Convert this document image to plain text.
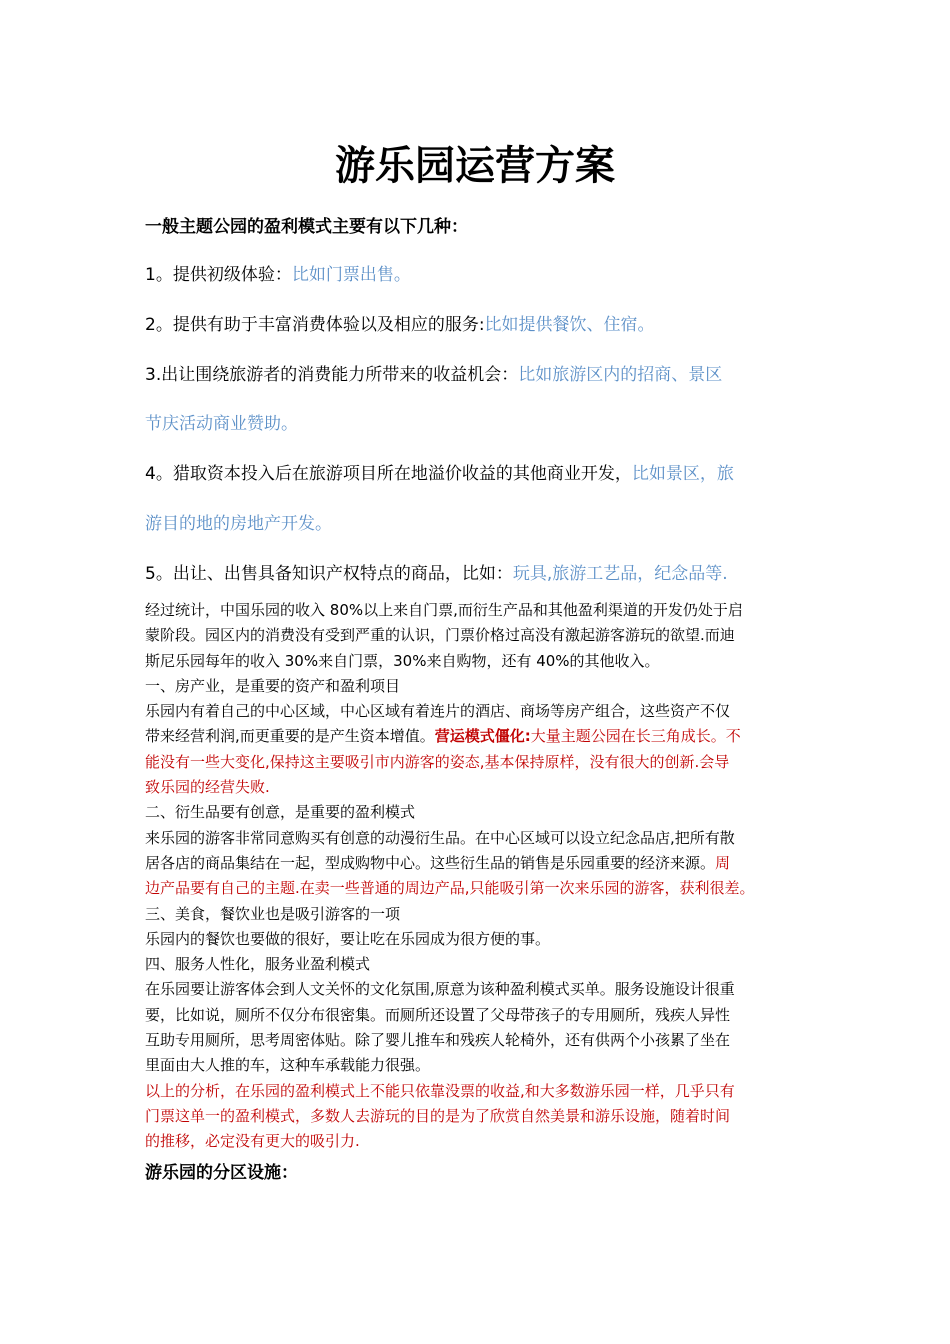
游乐园运营方案
一般主题公园的盈利模式主要有以下几种：
1。提供初级体验：比如门票出售。
2。提供有助于丰富消费体验以及相应的服务:比如提供餐饮、住宿。
3.出让围绕旅游者的消费能力所带来的收益机会：比如旅游区内的招商、景区
节庆活动商业赞助。
4。猎取资本投入后在旅游项目所在地溢价收益的其他商业开发，比如景区，旅
游目的地的房地产开发。
5。出让、出售具备知识产权特点的商品，比如：玩具,旅游工艺品，纪念品等.

经过统计，中国乐园的收入 80%以上来自门票,而衍生产品和其他盈利渠道的开发仍处于启

蒙阶段。园区内的消费没有受到严重的认识，门票价格过高没有激起游客游玩的欲望.而迪

斯尼乐园每年的收入 30%来自门票，30%来自购物，还有 40%的其他收入。

一、房产业，是重要的资产和盈利项目

乐园内有着自己的中心区域，中心区域有着连片的酒店、商场等房产组合，这些资产不仅

带来经营利润,而更重要的是产生资本增值。营运模式僵化:大量主题公园在长三角成长。不

能没有一些大变化,保持这主要吸引市内游客的姿态,基本保持原样，没有很大的创新.会导

致乐园的经营失败.

二、衍生品要有创意，是重要的盈利模式

来乐园的游客非常同意购买有创意的动漫衍生品。在中心区域可以设立纪念品店,把所有散

居各店的商品集结在一起，型成购物中心。这些衍生品的销售是乐园重要的经济来源。周

边产品要有自己的主题.在卖一些普通的周边产品,只能吸引第一次来乐园的游客，获利很差。

三、美食，餐饮业也是吸引游客的一项

乐园内的餐饮也要做的很好，要让吃在乐园成为很方便的事。

四、服务人性化，服务业盈利模式

在乐园要让游客体会到人文关怀的文化氛围,原意为该种盈利模式买单。服务设施设计很重

要，比如说，厕所不仅分布很密集。而厕所还设置了父母带孩子的专用厕所，残疾人异性

互助专用厕所，思考周密体贴。除了婴儿推车和残疾人轮椅外，还有供两个小孩累了坐在

里面由大人推的车，这种车承载能力很强。

以上的分析，在乐园的盈利模式上不能只依靠没票的收益,和大多数游乐园一样，几乎只有

门票这单一的盈利模式，多数人去游玩的目的是为了欣赏自然美景和游乐设施，随着时间

的推移，必定没有更大的吸引力.

游乐园的分区设施：
